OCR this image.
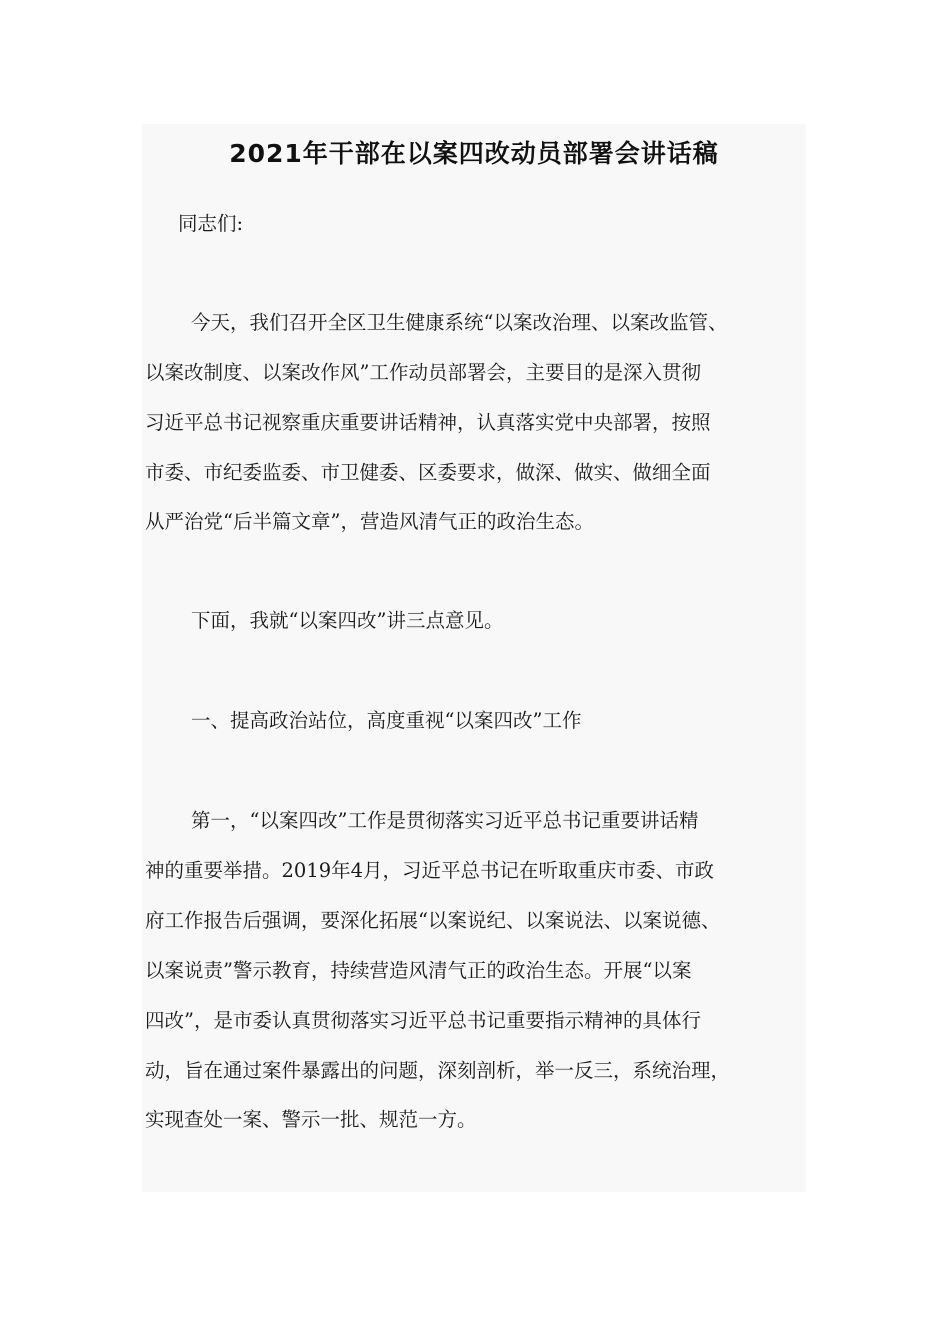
2021年干部在以案四改动员部署会讲话稿

同志们:

今天，我们召开全区卫生健康系统“以案改治理、以案改监管、

以案改制度、以案改作风”工作动员部署会，主要目的是深入贯彻

习近平总书记视察重庆重要讲话精神，认真落实党中央部署，按照

市委、市纪委监委、市卫健委、区委要求，做深、做实、做细全面

从严治党“后半篇文章”，营造风清气正的政治生态。

下面，我就“以案四改”讲三点意见。

一、提高政治站位，高度重视“以案四改”工作

第一，“以案四改”工作是贯彻落实习近平总书记重要讲话精

神的重要举措。2019年4月，习近平总书记在听取重庆市委、市政

府工作报告后强调，要深化拓展“以案说纪、以案说法、以案说德、

以案说责”警示教育，持续营造风清气正的政治生态。开展“以案

四改”，是市委认真贯彻落实习近平总书记重要指示精神的具体行

动，旨在通过案件暴露出的问题，深刻剖析，举一反三，系统治理，

实现查处一案、警示一批、规范一方。
